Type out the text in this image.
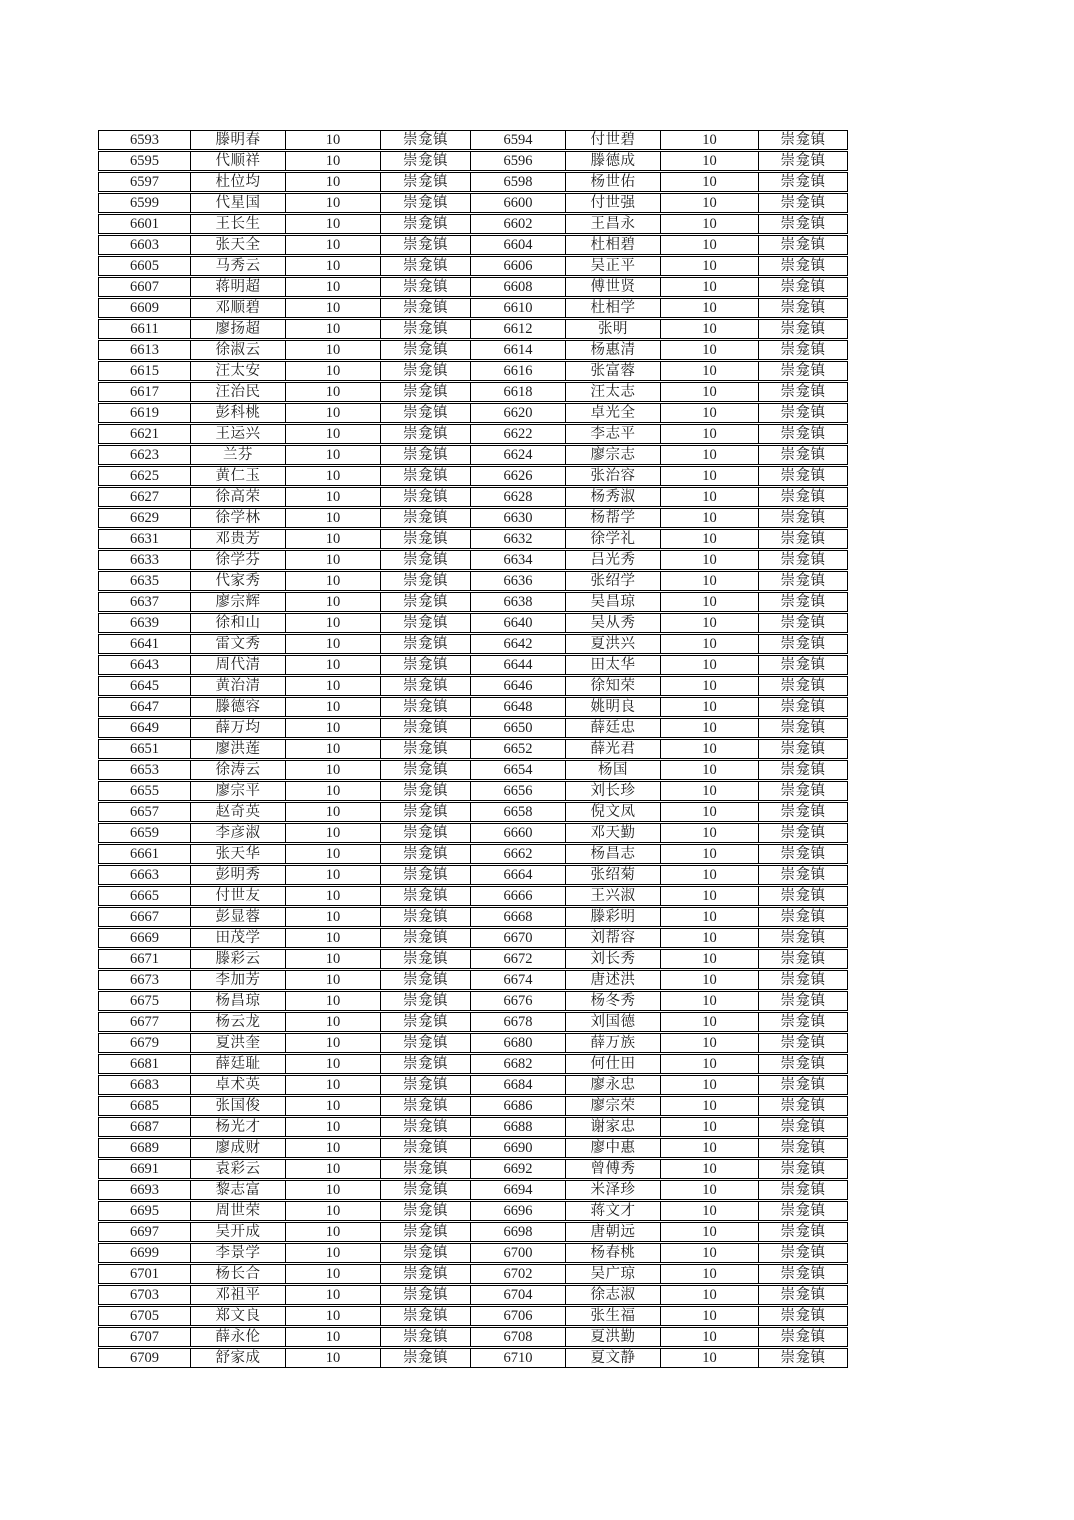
6593	滕明春	10	崇龛镇	6594	付世碧	10	崇龛镇
6595	代顺祥	10	崇龛镇	6596	滕德成	10	崇龛镇
6597	杜位均	10	崇龛镇	6598	杨世佑	10	崇龛镇
6599	代星国	10	崇龛镇	6600	付世强	10	崇龛镇
6601	王长生	10	崇龛镇	6602	王昌永	10	崇龛镇
6603	张天全	10	崇龛镇	6604	杜相碧	10	崇龛镇
6605	马秀云	10	崇龛镇	6606	吴正平	10	崇龛镇
6607	蒋明超	10	崇龛镇	6608	傅世贤	10	崇龛镇
6609	邓顺碧	10	崇龛镇	6610	杜相学	10	崇龛镇
6611	廖扬超	10	崇龛镇	6612	张明	10	崇龛镇
6613	徐淑云	10	崇龛镇	6614	杨惠清	10	崇龛镇
6615	汪太安	10	崇龛镇	6616	张富蓉	10	崇龛镇
6617	汪治民	10	崇龛镇	6618	汪太志	10	崇龛镇
6619	彭科桃	10	崇龛镇	6620	卓光全	10	崇龛镇
6621	王运兴	10	崇龛镇	6622	李志平	10	崇龛镇
6623	兰芬	10	崇龛镇	6624	廖宗志	10	崇龛镇
6625	黄仁玉	10	崇龛镇	6626	张治容	10	崇龛镇
6627	徐高荣	10	崇龛镇	6628	杨秀淑	10	崇龛镇
6629	徐学林	10	崇龛镇	6630	杨帮学	10	崇龛镇
6631	邓贵芳	10	崇龛镇	6632	徐学礼	10	崇龛镇
6633	徐学芬	10	崇龛镇	6634	吕光秀	10	崇龛镇
6635	代家秀	10	崇龛镇	6636	张绍学	10	崇龛镇
6637	廖宗辉	10	崇龛镇	6638	吴昌琼	10	崇龛镇
6639	徐和山	10	崇龛镇	6640	吴从秀	10	崇龛镇
6641	雷文秀	10	崇龛镇	6642	夏洪兴	10	崇龛镇
6643	周代清	10	崇龛镇	6644	田太华	10	崇龛镇
6645	黄治清	10	崇龛镇	6646	徐知荣	10	崇龛镇
6647	滕德容	10	崇龛镇	6648	姚明良	10	崇龛镇
6649	薛万均	10	崇龛镇	6650	薛廷忠	10	崇龛镇
6651	廖洪莲	10	崇龛镇	6652	薛光君	10	崇龛镇
6653	徐涛云	10	崇龛镇	6654	杨国	10	崇龛镇
6655	廖宗平	10	崇龛镇	6656	刘长珍	10	崇龛镇
6657	赵奇英	10	崇龛镇	6658	倪文凤	10	崇龛镇
6659	李彦淑	10	崇龛镇	6660	邓天勤	10	崇龛镇
6661	张天华	10	崇龛镇	6662	杨昌志	10	崇龛镇
6663	彭明秀	10	崇龛镇	6664	张绍菊	10	崇龛镇
6665	付世友	10	崇龛镇	6666	王兴淑	10	崇龛镇
6667	彭显蓉	10	崇龛镇	6668	滕彩明	10	崇龛镇
6669	田茂学	10	崇龛镇	6670	刘帮容	10	崇龛镇
6671	滕彩云	10	崇龛镇	6672	刘长秀	10	崇龛镇
6673	李加芳	10	崇龛镇	6674	唐述洪	10	崇龛镇
6675	杨昌琼	10	崇龛镇	6676	杨冬秀	10	崇龛镇
6677	杨云龙	10	崇龛镇	6678	刘国德	10	崇龛镇
6679	夏洪奎	10	崇龛镇	6680	薛万族	10	崇龛镇
6681	薛廷耻	10	崇龛镇	6682	何仕田	10	崇龛镇
6683	卓术英	10	崇龛镇	6684	廖永忠	10	崇龛镇
6685	张国俊	10	崇龛镇	6686	廖宗荣	10	崇龛镇
6687	杨光才	10	崇龛镇	6688	谢家忠	10	崇龛镇
6689	廖成财	10	崇龛镇	6690	廖中惠	10	崇龛镇
6691	袁彩云	10	崇龛镇	6692	曾傅秀	10	崇龛镇
6693	黎志富	10	崇龛镇	6694	米泽珍	10	崇龛镇
6695	周世荣	10	崇龛镇	6696	蒋文才	10	崇龛镇
6697	吴开成	10	崇龛镇	6698	唐朝远	10	崇龛镇
6699	李景学	10	崇龛镇	6700	杨春桃	10	崇龛镇
6701	杨长合	10	崇龛镇	6702	吴广琼	10	崇龛镇
6703	邓祖平	10	崇龛镇	6704	徐志淑	10	崇龛镇
6705	郑文良	10	崇龛镇	6706	张生福	10	崇龛镇
6707	薛永伦	10	崇龛镇	6708	夏洪勤	10	崇龛镇
6709	舒家成	10	崇龛镇	6710	夏文静	10	崇龛镇
